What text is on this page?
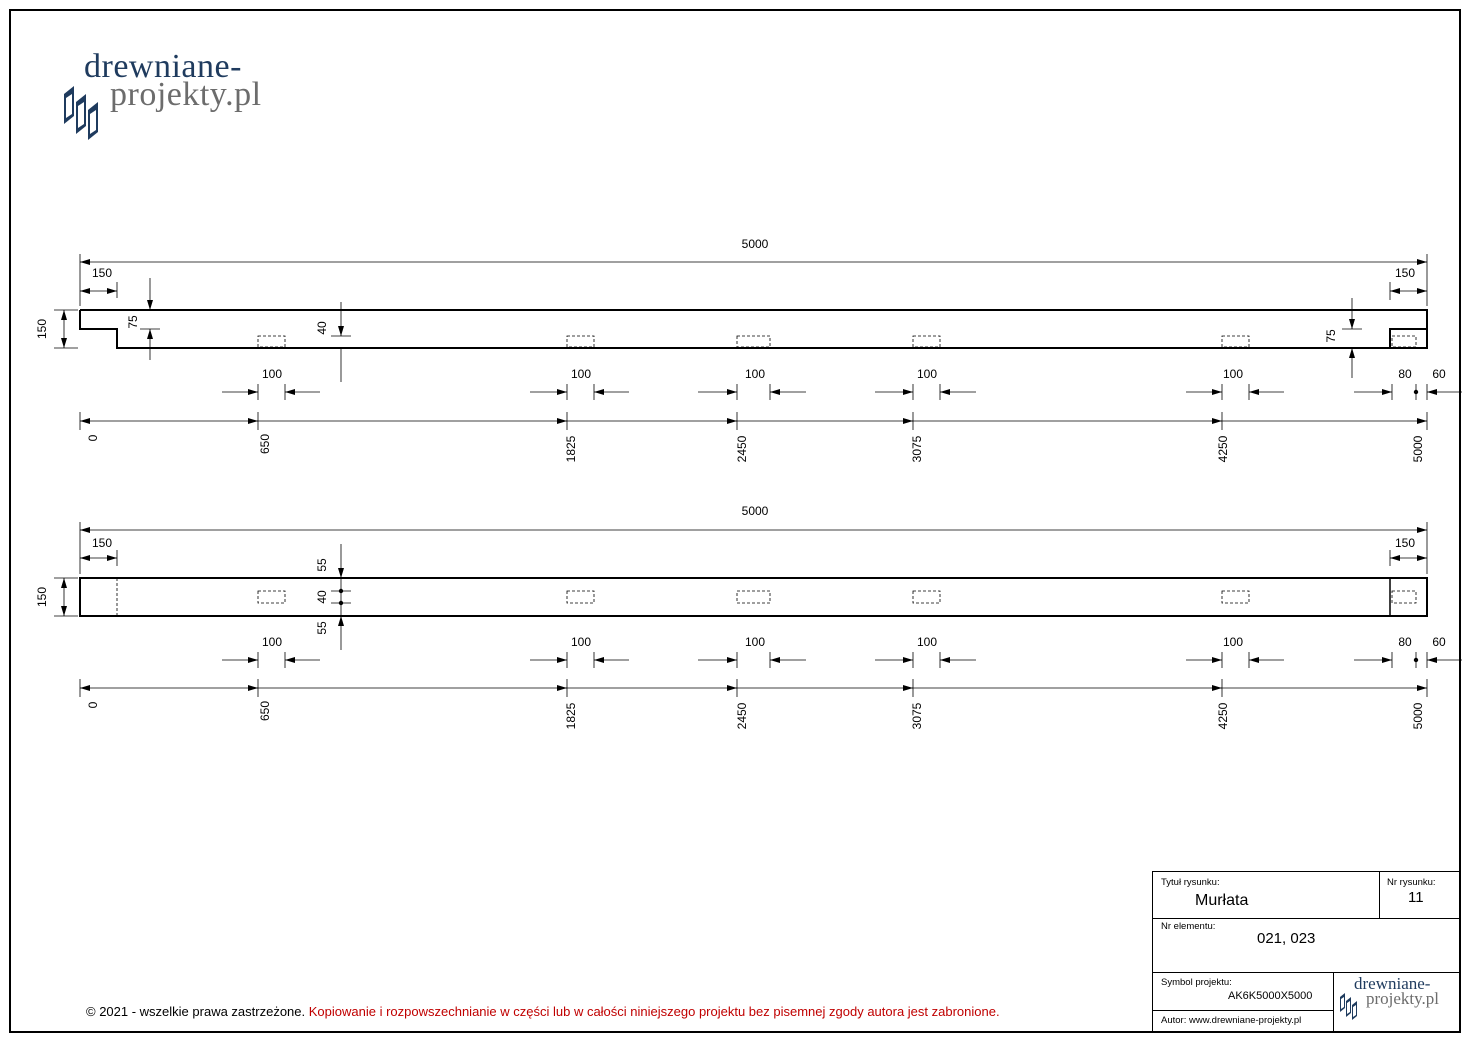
drewniane-
projekty.pl
5000
150	150
150	75	40
75
100	100	100	100	100	80 60
0	650	1825	2450	3075	4250	5000
5000
150	150
150
55
40
55
100	100	100	100	100	80 60
0	650	1825	2450	3075	4250	5000
© 2021 - wszelkie prawa zastrzeżone. Kopiowanie i rozpowszechnianie w części lub w całości niniejszego projektu bez pisemnej zgody autora jest zabronione.
Tytuł rysunku:
Murłata
Nr rysunku:
11
Nr elementu:
021, 023
Symbol projektu:
AK6K5000X5000
Autor: www.drewniane-projekty.pl
drewniane-
projekty.pl
